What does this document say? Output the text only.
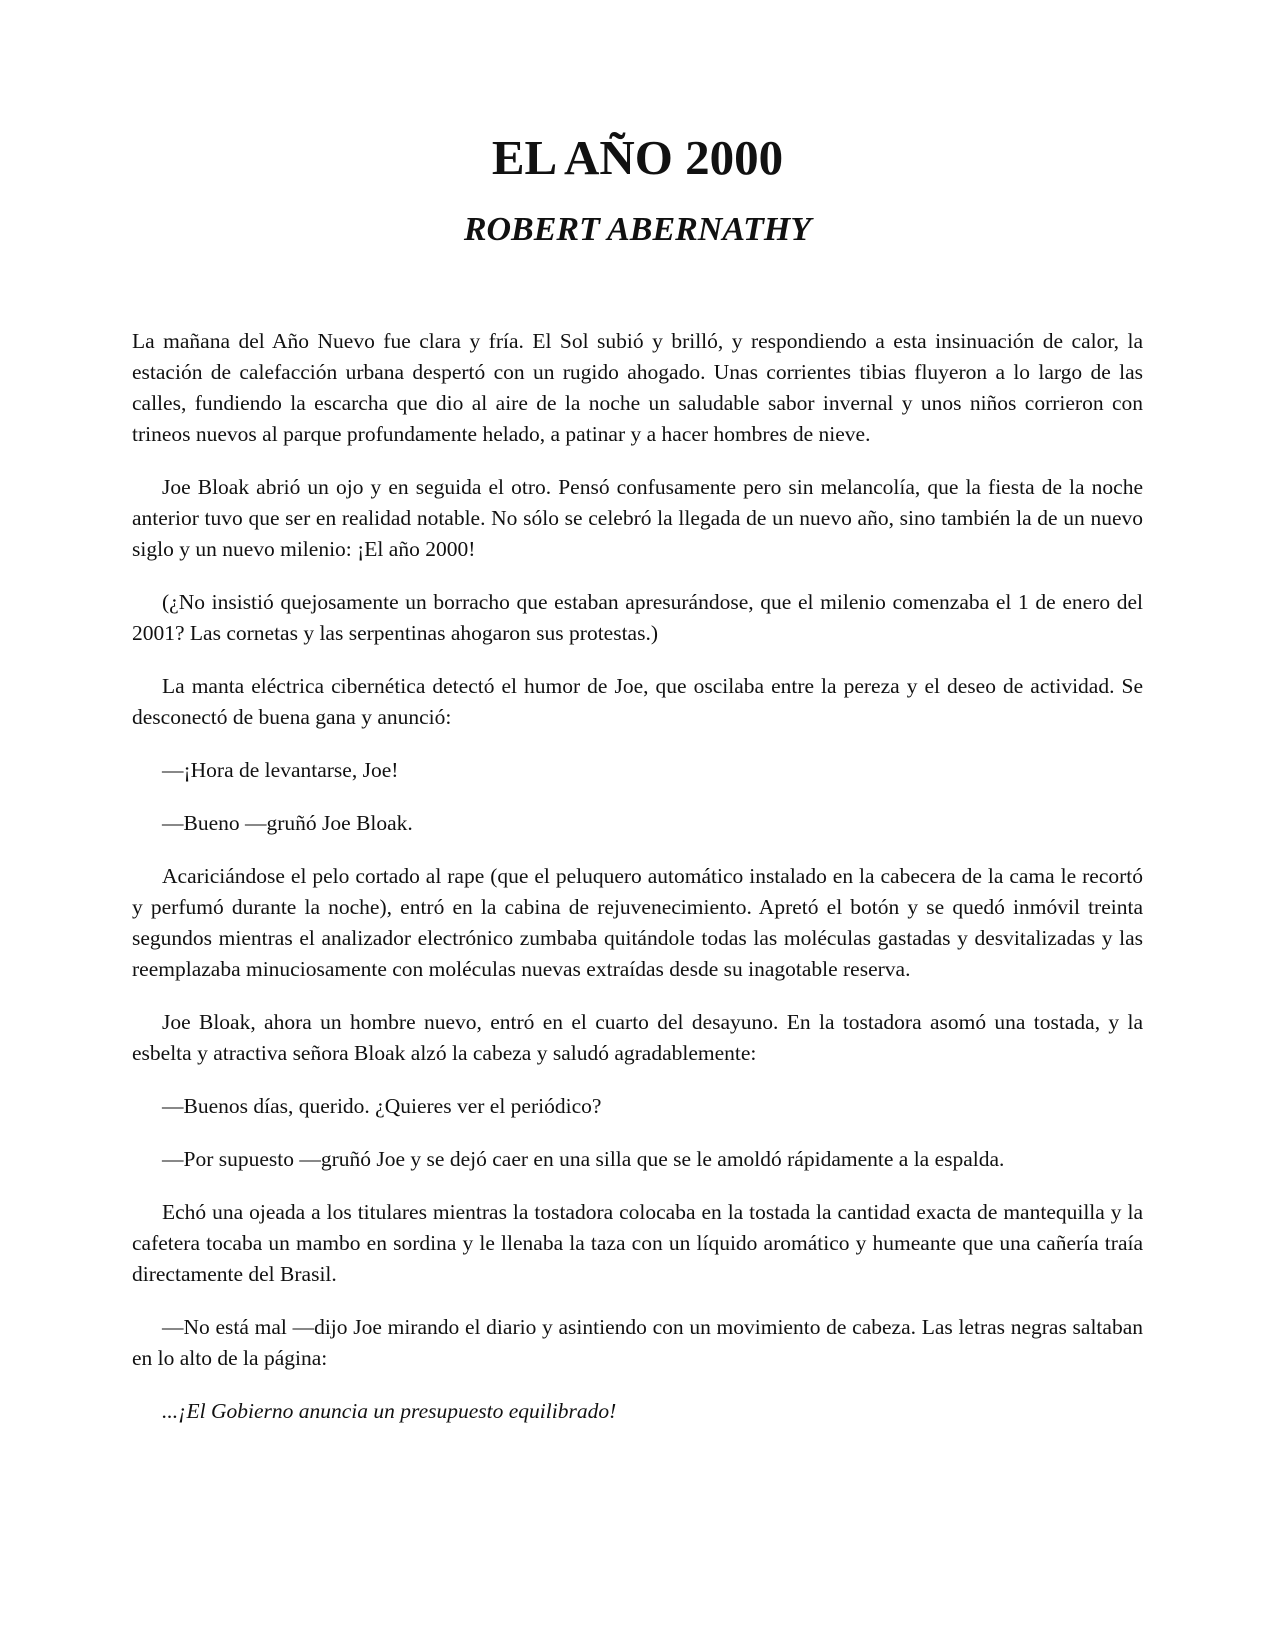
EL AÑO 2000
ROBERT ABERNATHY

La mañana del Año Nuevo fue clara y fría. El Sol subió y brilló, y respondiendo a esta insinuación de calor, la estación de calefacción urbana despertó con un rugido ahogado. Unas corrientes tibias fluyeron a lo largo de las calles, fundiendo la escarcha que dio al aire de la noche un saludable sabor invernal y unos niños corrieron con trineos nuevos al parque profundamente helado, a patinar y a hacer hombres de nieve.

Joe Bloak abrió un ojo y en seguida el otro. Pensó confusamente pero sin melancolía, que la fiesta de la noche anterior tuvo que ser en realidad notable. No sólo se celebró la llegada de un nuevo año, sino también la de un nuevo siglo y un nuevo milenio: ¡El año 2000!

(¿No insistió quejosamente un borracho que estaban apresurándose, que el milenio comenzaba el 1 de enero del 2001? Las cornetas y las serpentinas ahogaron sus protestas.)

La manta eléctrica cibernética detectó el humor de Joe, que oscilaba entre la pereza y el deseo de actividad. Se desconectó de buena gana y anunció:

—¡Hora de levantarse, Joe!

—Bueno —gruñó Joe Bloak.

Acariciándose el pelo cortado al rape (que el peluquero automático instalado en la cabecera de la cama le recortó y perfumó durante la noche), entró en la cabina de rejuvenecimiento. Apretó el botón y se quedó inmóvil treinta segundos mientras el analizador electrónico zumbaba quitándole todas las moléculas gastadas y desvitalizadas y las reemplazaba minuciosamente con moléculas nuevas extraídas desde su inagotable reserva.

Joe Bloak, ahora un hombre nuevo, entró en el cuarto del desayuno. En la tostadora asomó una tostada, y la esbelta y atractiva señora Bloak alzó la cabeza y saludó agradablemente:

—Buenos días, querido. ¿Quieres ver el periódico?

—Por supuesto —gruñó Joe y se dejó caer en una silla que se le amoldó rápidamente a la espalda.

Echó una ojeada a los titulares mientras la tostadora colocaba en la tostada la cantidad exacta de mantequilla y la cafetera tocaba un mambo en sordina y le llenaba la taza con un líquido aromático y humeante que una cañería traía directamente del Brasil.

—No está mal —dijo Joe mirando el diario y asintiendo con un movimiento de cabeza. Las letras negras saltaban en lo alto de la página:

...¡El Gobierno anuncia un presupuesto equilibrado!
